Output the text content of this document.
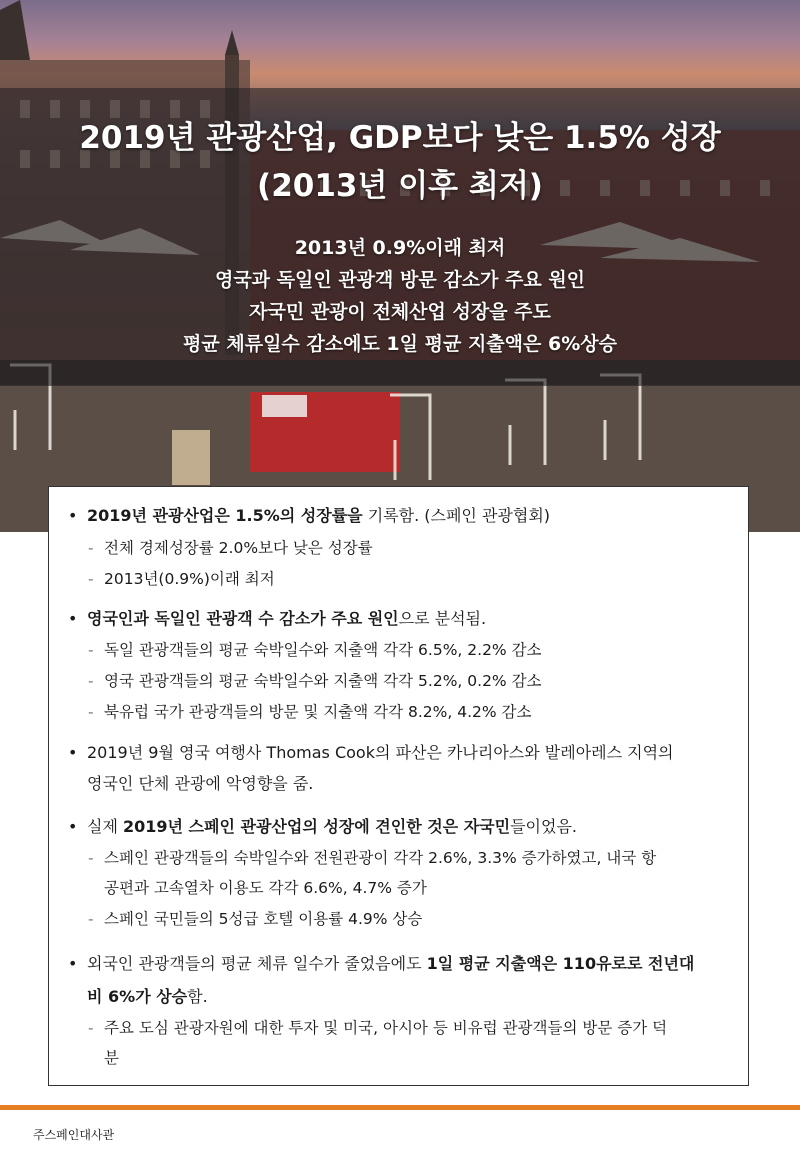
2019년 관광산업, GDP보다 낮은 1.5% 성장
(2013년 이후 최저)
2013년 0.9%이래 최저
영국과 독일인 관광객 방문 감소가 주요 원인
자국민 관광이 전체산업 성장을 주도
평균 체류일수 감소에도 1일 평균 지출액은 6%상승
• 2019년 관광산업은 1.5%의 성장률을 기록함. (스페인 관광협회)
- 전체 경제성장률 2.0%보다 낮은 성장률
- 2013년(0.9%)이래 최저
• 영국인과 독일인 관광객 수 감소가 주요 원인으로 분석됨.
- 독일 관광객들의 평균 숙박일수와 지출액 각각 6.5%, 2.2% 감소
- 영국 관광객들의 평균 숙박일수와 지출액 각각 5.2%, 0.2% 감소
- 북유럽 국가 관광객들의 방문 및 지출액 각각 8.2%, 4.2% 감소
• 2019년 9월 영국 여행사 Thomas Cook의 파산은 카나리아스와 발레아레스 지역의
영국인 단체 관광에 악영향을 줌.
• 실제 2019년 스페인 관광산업의 성장에 견인한 것은 자국민들이었음.
- 스페인 관광객들의 숙박일수와 전원관광이 각각 2.6%, 3.3% 증가하였고, 내국 항
공편과 고속열차 이용도 각각 6.6%, 4.7% 증가
- 스페인 국민들의 5성급 호텔 이용률 4.9% 상승
• 외국인 관광객들의 평균 체류 일수가 줄었음에도 1일 평균 지출액은 110유로로 전년대
비 6%가 상승함.
- 주요 도심 관광자원에 대한 투자 및 미국, 아시아 등 비유럽 관광객들의 방문 증가 덕
분
주스페인대사관
